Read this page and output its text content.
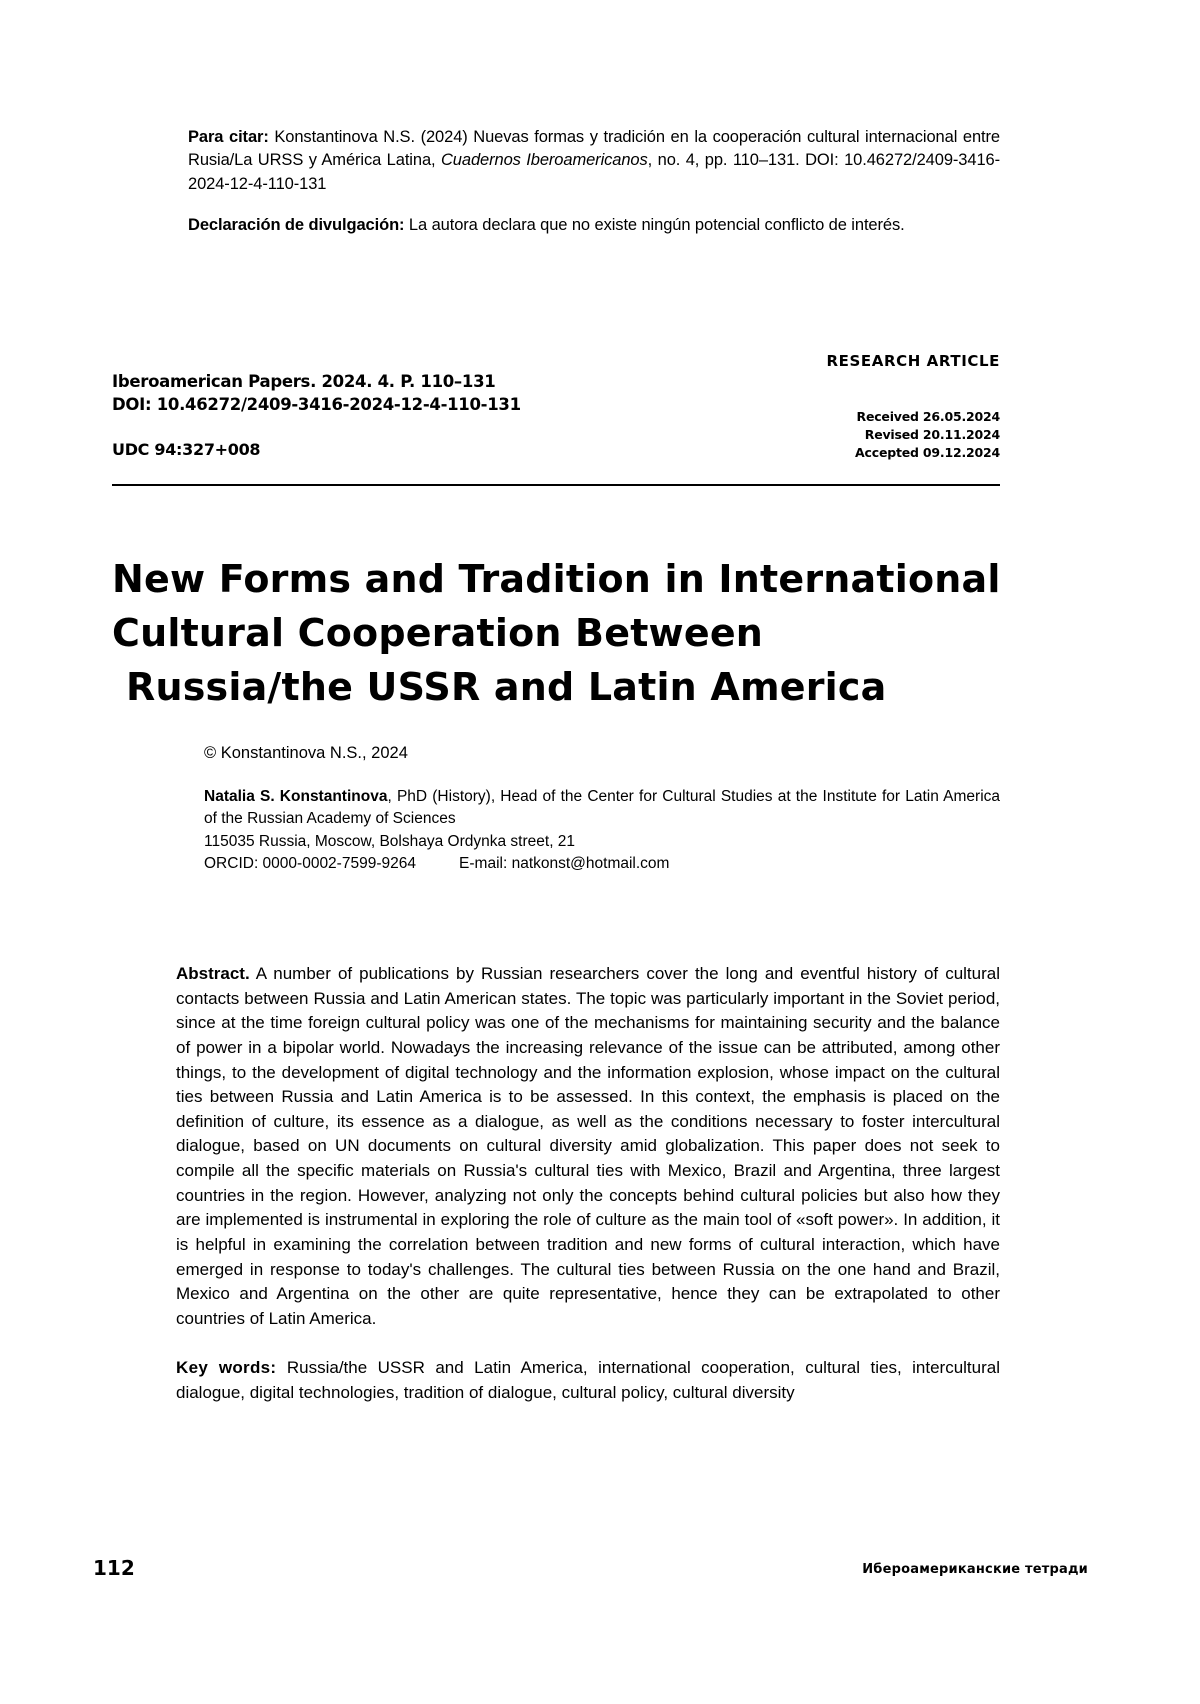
Para citar: Konstantinova N.S. (2024) Nuevas formas y tradición en la cooperación cultural internacional entre Rusia/La URSS y América Latina, Cuadernos Iberoamericanos, no. 4, pp. 110–131. DOI: 10.46272/2409-3416-2024-12-4-110-131

Declaración de divulgación: La autora declara que no existe ningún potencial conflicto de interés.

Iberoamerican Papers. 2024. 4. P. 110–131
DOI: 10.46272/2409-3416-2024-12-4-110-131
UDC 94:327+008
RESEARCH ARTICLE
Received 26.05.2024
Revised 20.11.2024
Accepted 09.12.2024
New Forms and Tradition in International
Cultural Cooperation Between
Russia/the USSR and Latin America
© Konstantinova N.S., 2024
Natalia S. Konstantinova, PhD (History), Head of the Center for Cultural Studies at the Institute for Latin America of the Russian Academy of Sciences
115035 Russia, Moscow, Bolshaya Ordynka street, 21
ORCID: 0000-0002-7599-9264	E-mail: natkonst@hotmail.com
Abstract. A number of publications by Russian researchers cover the long and eventful history of cultural contacts between Russia and Latin American states. The topic was particularly important in the Soviet period, since at the time foreign cultural policy was one of the mechanisms for maintaining security and the balance of power in a bipolar world. Nowadays the increasing relevance of the issue can be attributed, among other things, to the development of digital technology and the information explosion, whose impact on the cultural ties between Russia and Latin America is to be assessed. In this context, the emphasis is placed on the definition of culture, its essence as a dialogue, as well as the conditions necessary to foster intercultural dialogue, based on UN documents on cultural diversity amid globalization. This paper does not seek to compile all the specific materials on Russia's cultural ties with Mexico, Brazil and Argentina, three largest countries in the region. However, analyzing not only the concepts behind cultural policies but also how they are implemented is instrumental in exploring the role of culture as the main tool of «soft power». In addition, it is helpful in examining the correlation between tradition and new forms of cultural interaction, which have emerged in response to today's challenges. The cultural ties between Russia on the one hand and Brazil, Mexico and Argentina on the other are quite representative, hence they can be extrapolated to other countries of Latin America.
Key words: Russia/the USSR and Latin America, international cooperation, cultural ties, intercultural dialogue, digital technologies, tradition of dialogue, cultural policy, cultural diversity
112	Ибероамериканские тетради
